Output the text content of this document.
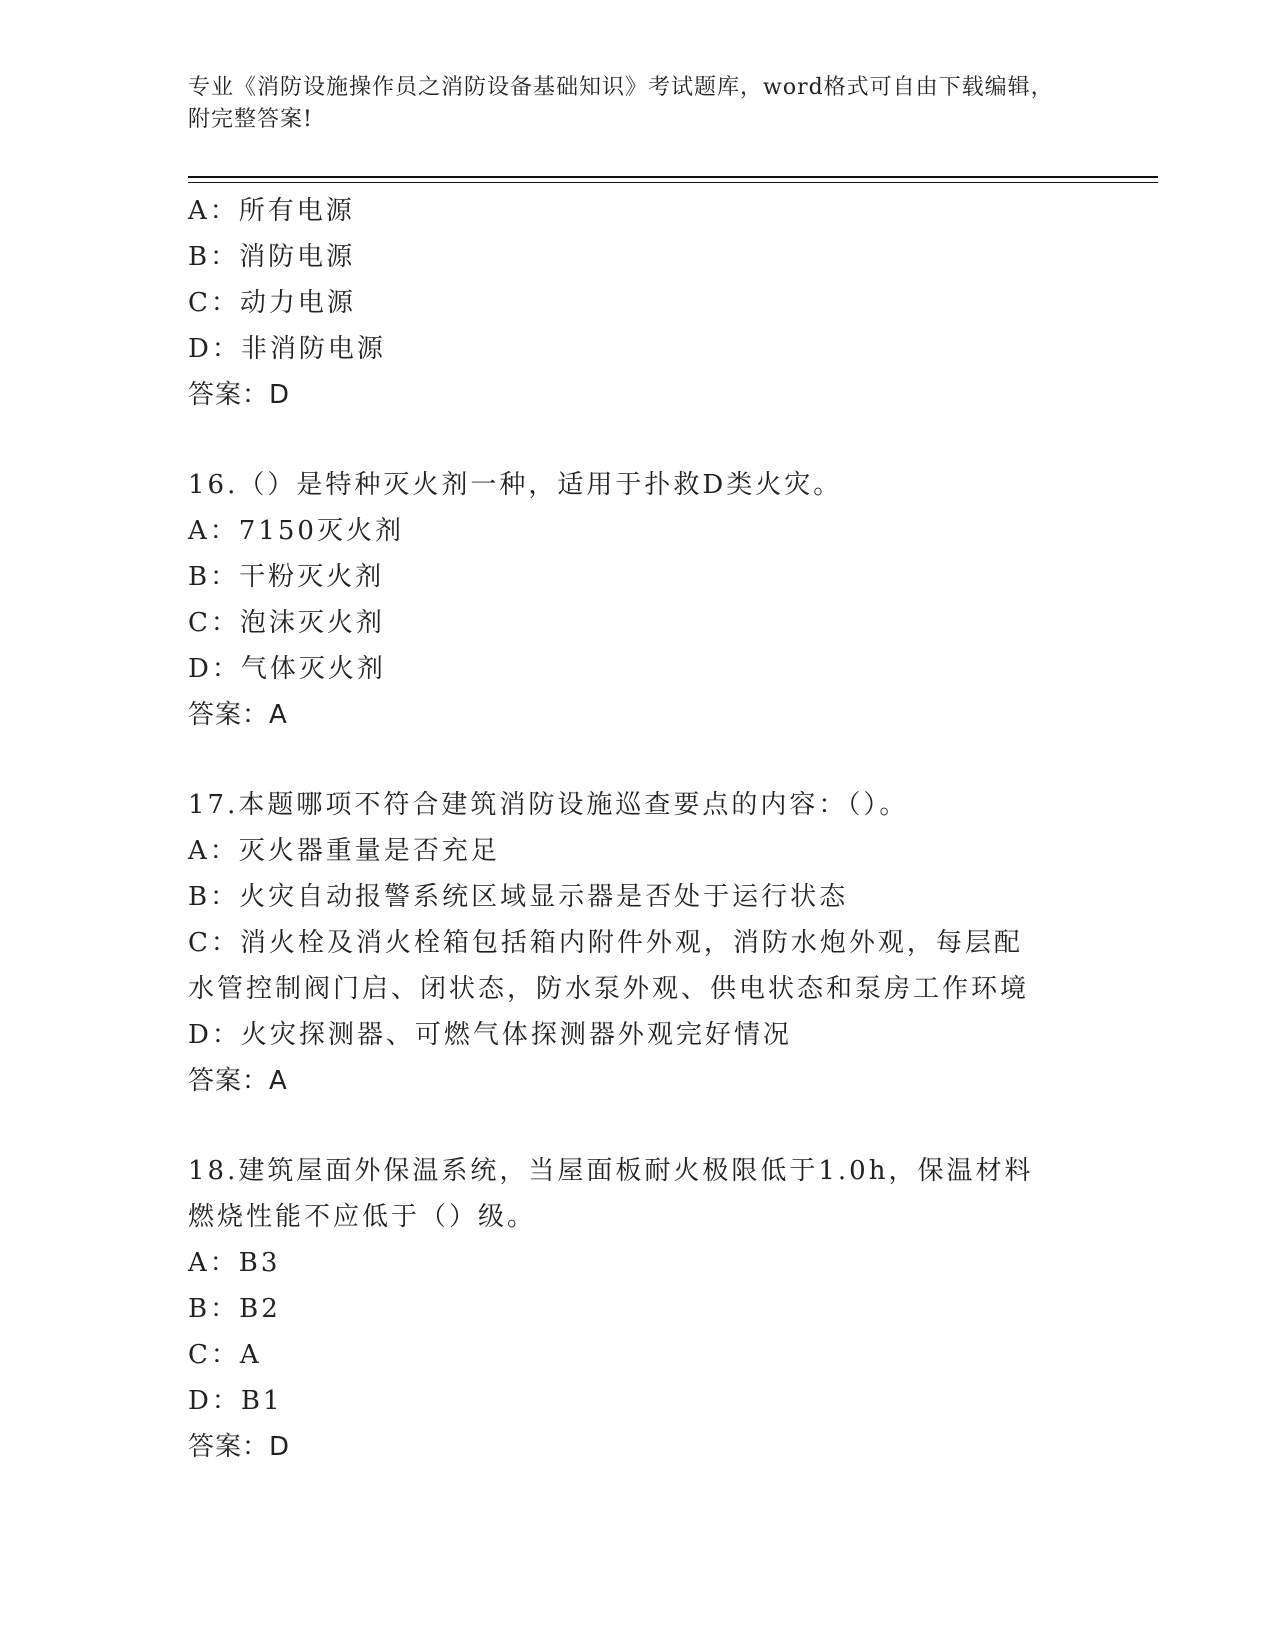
专业《消防设施操作员之消防设备基础知识》考试题库，word格式可自由下载编辑，附完整答案!
A：所有电源
B：消防电源
C：动力电源
D：非消防电源
答案：D
16.（）是特种灭火剂一种，适用于扑救D类火灾。
A：7150灭火剂
B：干粉灭火剂
C：泡沫灭火剂
D：气体灭火剂
答案：A
17.本题哪项不符合建筑消防设施巡查要点的内容：（）。
A：灭火器重量是否充足
B：火灾自动报警系统区域显示器是否处于运行状态
C：消火栓及消火栓箱包括箱内附件外观，消防水炮外观，每层配水管控制阀门启、闭状态，防水泵外观、供电状态和泵房工作环境
D：火灾探测器、可燃气体探测器外观完好情况
答案：A
18.建筑屋面外保温系统，当屋面板耐火极限低于1.0h，保温材料燃烧性能不应低于（）级。
A：B3
B：B2
C：A
D：B1
答案：D
